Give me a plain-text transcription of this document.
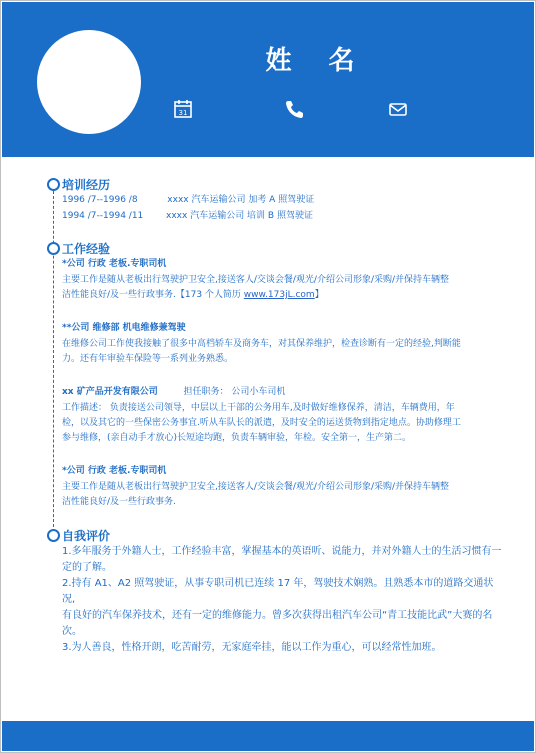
姓 名
31
培训经历
1996 /7--1996 /8	xxxx 汽车运输公司 加考 A 照驾驶证
1994 /7--1994 /11	xxxx 汽车运输公司 培训 B 照驾驶证
工作经验
*公司 行政 老板.专职司机
主要工作是随从老板出行驾驶护卫安全,接送客人/交谈会餐/观光/介绍公司形象/采购/并保持车辆整
洁性能良好/及一些行政事务.【173 个人简历 www.173jL.com】
**公司 维修部 机电维修兼驾驶
在维修公司工作使我接触了很多中高档轿车及商务车，对其保养维护，检查诊断有一定的经验,判断能
力。还有年审验车保险等一系列业务熟悉。
xx 矿产品开发有限公司	担任职务： 公司小车司机
工作描述： 负责接送公司领导，中层以上干部的公务用车,及时做好维修保养，清洁，车辆费用，年
检，以及其它的一些保密公务事宜.听从车队长的派遣，及时安全的运送货物到指定地点。协助修理工
参与维修，(亲自动手才放心)长短途均跑，负责车辆审验，年检。安全第一，生产第二。
*公司 行政 老板.专职司机
主要工作是随从老板出行驾驶护卫安全,接送客人/交谈会餐/观光/介绍公司形象/采购/并保持车辆整
洁性能良好/及一些行政事务.
自我评价
1.多年服务于外籍人士，工作经验丰富，掌握基本的英语听、说能力，并对外籍人士的生活习惯有一
定的了解。
2.持有 A1、A2 照驾驶证，从事专职司机已连续 17 年，驾驶技术娴熟。且熟悉本市的道路交通状况,
有良好的汽车保养技术，还有一定的维修能力。曾多次获得出租汽车公司“青工技能比武”大赛的名
次。
3.为人善良，性格开朗，吃苦耐劳，无家庭牵挂，能以工作为重心，可以经常性加班。
